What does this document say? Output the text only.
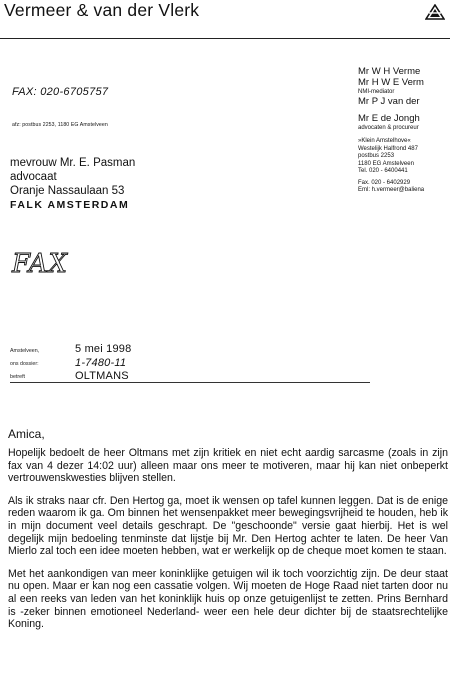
Vermeer & van der Vlerk
FAX: 020-6705757
afz: postbus 2253, 1180 EG Amstelveen
mevrouw Mr. E. Pasman
advocaat
Oranje Nassaulaan 53
FALK AMSTERDAM
FAX
Mr W H Verme
Mr H W E Verm
NMI-mediator
Mr P J van der
Mr E de Jongh
advocaten & procureur
»Klein Amstelhove«
Westelijk Halfrond 487
postbus 2253
1180 EG Amstelveen
Tel. 020 - 6400441
Fax. 020 - 6402929
Eml: h.vermeer@baliena
Amstelveen,	5 mei 1998
ons dossier:	1-7480-11
betreft	OLTMANS
Amica,

Hopelijk bedoelt de heer Oltmans met zijn kritiek en niet echt aardig sarcasme (zoals in zijn fax van 4 dezer 14:02 uur) alleen maar ons meer te motiveren, maar hij kan niet onbeperkt vertrouwenskwesties blijven stellen.

Als ik straks naar cfr. Den Hertog ga, moet ik wensen op tafel kunnen leggen. Dat is de enige reden waarom ik ga. Om binnen het wensenpakket meer bewegingsvrijheid te houden, heb ik in mijn document veel details geschrapt. De "geschoonde" versie gaat hierbij. Het is wel degelijk mijn bedoeling tenminste dat lijstje bij Mr. Den Hertog achter te laten. De heer Van Mierlo zal toch een idee moeten hebben, wat er werkelijk op de cheque moet komen te staan.

Met het aankondigen van meer koninklijke getuigen wil ik toch voorzichtig zijn. De deur staat nu open. Maar er kan nog een cassatie volgen. Wij moeten de Hoge Raad niet tarten door nu al een reeks van leden van het koninklijk huis op onze getuigenlijst te zetten. Prins Bernhard is -zeker binnen emotioneel Nederland- weer een hele deur dichter bij de staatsrechtelijke Koning.
